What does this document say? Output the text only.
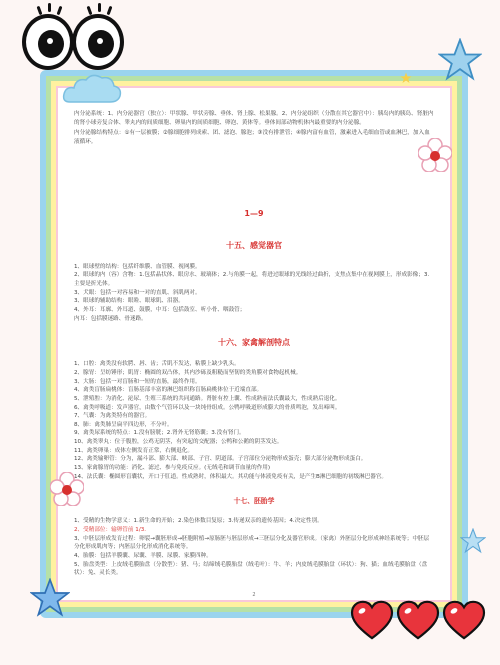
内分泌系统：1、内分泌器官（独立）：甲状腺、甲状旁腺、垂体、肾上腺、松果腺。2、内分泌组织（分散在其它器官中）：胰岛内的胰岛、肾脏内的肾小球旁复合体、睾丸内的间质细胞、卵巢内的间质细胞、卵泡、黄体等。垂体间部动物机体内最重要的内分泌腺。

内分泌腺结构特点：①有一层被膜；②腺细胞排列成索、团、滤泡、腺泡；③没有排泄管；④腺内富有血管，激素进入毛细血管或血淋巴，加入血液循环。

1—9
十五、感觉器官

1、眼球壁的结构：包括纤维膜、血管膜、视网膜。

2、眼球的内（容）含物：1.包括晶状体、眼房水、玻璃体；2.与角膜一起，将进过眼球的光线经过曲折，支焦点集中在视网膜上，形成影像；3.主要是折光体。

3、犬眼：包括一对容易和一对的直肌、斜肌两对。

3、眼球的辅助结构：眼睑、眼球肌、泪器。

4、外耳：耳廓、外耳道、鼓膜，中耳：包括鼓室、听小骨、咽鼓管；

内耳：包括膜迷路、骨迷路。

十六、家禽解剖特点

1、口腔：禽类没有软腭、唇、齿；舌肌不发达，粘膜上缺少乳头。

2、腺胃：呈纺锤形；肌胃：椭圆的双凸体，其内沙砾及粗糙而坚韧的类角膜对食物起机械。

3、大肠：包括一对盲肠和一短的直肠，最终作用。

4、禽类盲肠扁桃体：盲肠基部丰富的淋巴组织称盲肠扁桃体位于近端直部。

5、泄殖腔：为消化、泌尿、生殖三系统的共同通路。肾脏有控上囊、性成熟前法氏囊最大，性成熟后退化。

6、禽类呼吸道：发声器官，由数个气管环以及一块纯骨组成。公鸭呼吸道形成膨大的骨质鸣泡，发出啼叫。

7、气囊：为禽类特有的器官。

8、肺：禽类肺呈扁平四边形，不分叶。

9、禽类尿系统的特点：1.没有膀胱；2.肾外无肾筋囊；3.没有肾门。

10、禽类睾丸：位于腹腔，公鸡无阴茎，有突起的交配器；公鸭和公鹅的阴茎发达。

11、禽类卵巢：成体左侧发育正常，右侧退化。

12、禽类输卵管：分为，漏斗部、膨大部、峡部、子宫、阴道部。子宫部位分泌物形成蛋壳；膨大部分泌物形成蛋白。

13、家禽腺胃的功能：消化、滤过、参与免疫反应。(无绒毛和调节血量的作用)

14、法氏囊：椭圆形盲囊状，开口于肛道。性成熟时，体积最大。其功能与体液免疫有关，是产生B淋巴细胞的初级淋巴器官。

十七、胚胎学

1、受精的生物学意义：1.新生命的开始；2.染色体数目复原；3.传递双亲的遗传基因；4.决定性别。

2、受精部位：输卵管前 1/3.

3、中胚层形成发育过程：卵裂→囊胚形成→胚胞附植→原肠胚与胚层形成→三胚层分化及器官形成。（家禽）外胚层分化形成神经系统等；中胚层分化形成肌肉等；内胚层分化形成消化系统等。

4、胎膜：包括羊膜囊、尿囊、羊膜、尿膜、家膜四种。

5、胎盘类型：上皮绒毛膜胎盘（分散型）：猪、马；结缔绒毛膜胎盘（绒毛叶）：牛、羊；内皮绒毛膜胎盘（环状）：狗、猫；血绒毛膜胎盘（盘状）：兔、灵长类。

2
